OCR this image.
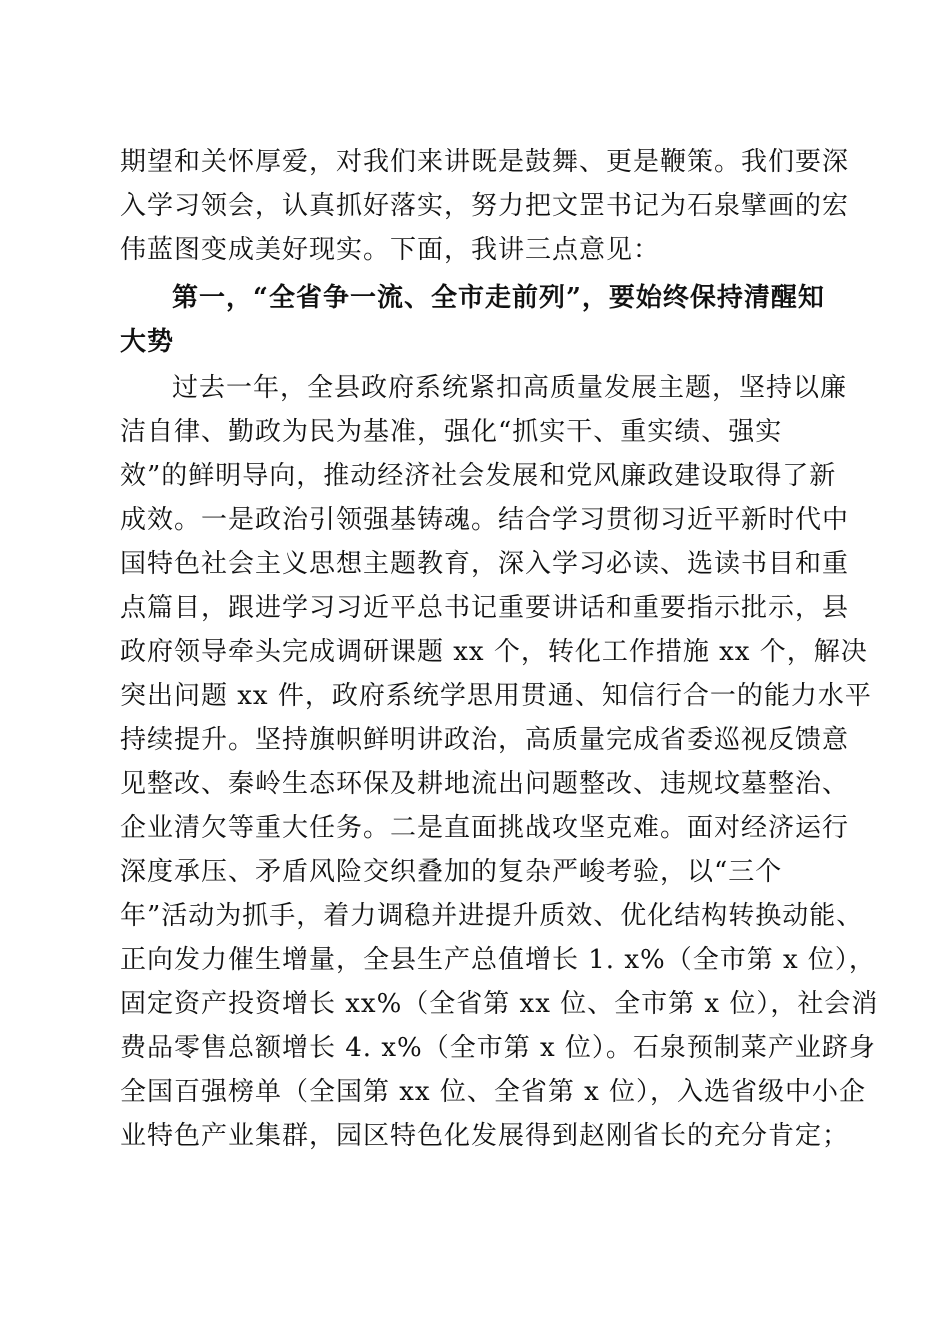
期望和关怀厚爱，对我们来讲既是鼓舞、更是鞭策。我们要深
入学习领会，认真抓好落实，努力把文罡书记为石泉擘画的宏
伟蓝图变成美好现实。下面，我讲三点意见：
第一，“全省争一流、全市走前列”，要始终保持清醒知
大势
过去一年，全县政府系统紧扣高质量发展主题，坚持以廉
洁自律、勤政为民为基准，强化“抓实干、重实绩、强实
效”的鲜明导向，推动经济社会发展和党风廉政建设取得了新
成效。一是政治引领强基铸魂。结合学习贯彻习近平新时代中
国特色社会主义思想主题教育，深入学习必读、选读书目和重
点篇目，跟进学习习近平总书记重要讲话和重要指示批示，县
政府领导牵头完成调研课题 xx 个，转化工作措施 xx 个，解决
突出问题 xx 件，政府系统学思用贯通、知信行合一的能力水平
持续提升。坚持旗帜鲜明讲政治，高质量完成省委巡视反馈意
见整改、秦岭生态环保及耕地流出问题整改、违规坟墓整治、
企业清欠等重大任务。二是直面挑战攻坚克难。面对经济运行
深度承压、矛盾风险交织叠加的复杂严峻考验，以“三个
年”活动为抓手，着力调稳并进提升质效、优化结构转换动能、
正向发力催生增量，全县生产总值增长 1. x%（全市第 x 位），
固定资产投资增长 xx%（全省第 xx 位、全市第 x 位），社会消
费品零售总额增长 4. x%（全市第 x 位）。石泉预制菜产业跻身
全国百强榜单（全国第 xx 位、全省第 x 位），入选省级中小企
业特色产业集群，园区特色化发展得到赵刚省长的充分肯定；
